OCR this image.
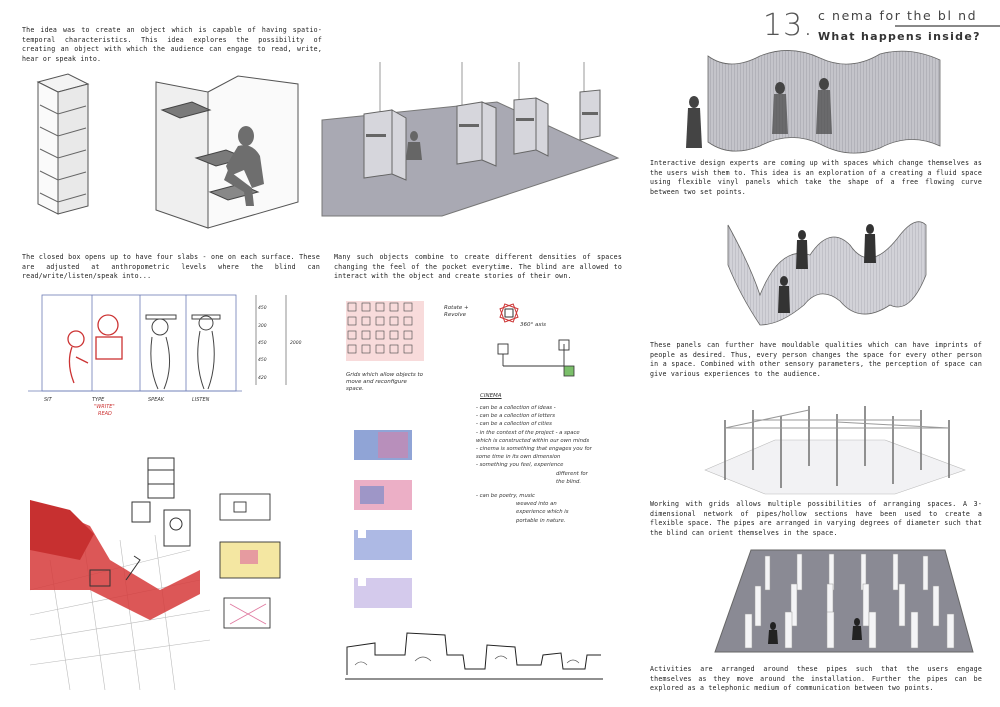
13. c nema for the bl nd
What happens inside?

The idea was to create an object which is capable of having spatio-temporal characteristics. This idea explores the possibility of creating an object with which the audience can engage to read, write, hear or speak into.

The closed box opens up to have four slabs - one on each surface. These are adjusted at anthropometric levels where the blind can read/write/listen/speak into...

Many such objects combine to create different densities of spaces changing the feel of the pocket everytime. The blind are allowed to interact with the object and create stories of their own.

Interactive design experts are coming up with spaces which change themselves as the users wish them to. This idea is an exploration of a creating a fluid space using flexible vinyl panels which take the shape of a free flowing curve between two set points.

These panels can further have mouldable qualities which can have imprints of people as desired. Thus, every person changes the space for every other person in a space. Combined with other sensory parameters, the perception of space can give various experiences to the audience.

Working with grids allows multiple possibilities of arranging spaces. A 3-dimensional network of pipes/hollow sections have been used to create a flexible space. The pipes are arranged in varying degrees of diameter such that the blind can orient themselves in the space.

Activities are arranged around these pipes such that the users engage themselves as they move around the installation. Further the pipes can be explored as a telephonic medium of communication between two points.

SIT	TYPE
"WRITE"
READ
SPEAK	LISTEN
450
300
450
450
420
2000
Grids which allow objects to move and reconfigure space.
Rotate + Revolve
360° axis
CINEMA
- can be a collection of ideas -
- can be a collection of letters
- can be a collection of cities
- in the context of the project - a space which is constructed within our own minds
- cinema is something that engages you for some time in its own dimension
- something you feel, experience
different for the blind.
- can be poetry, music
weaved into an experience which is portable in nature.
